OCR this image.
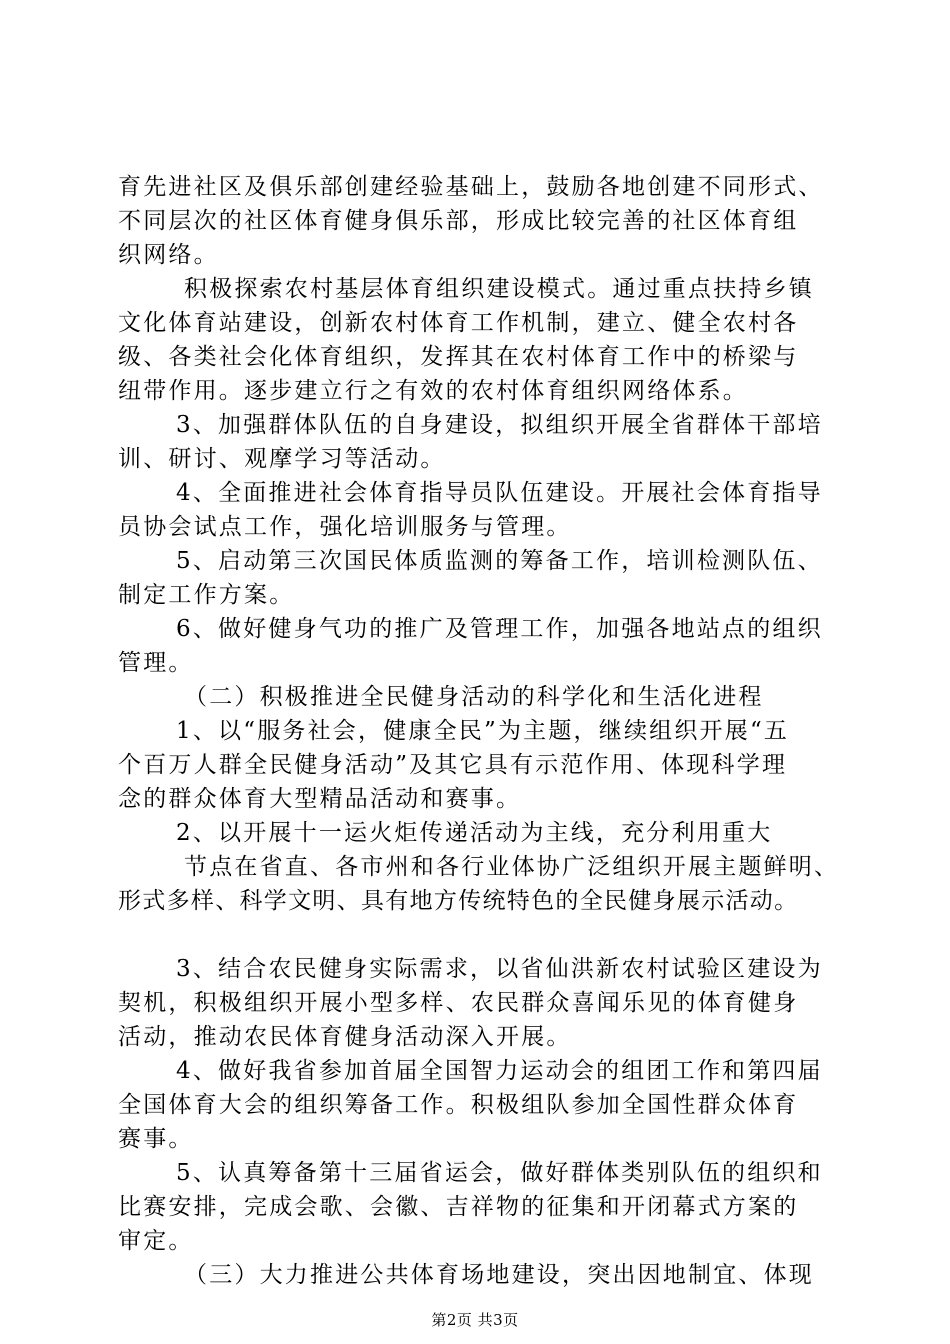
育先进社区及俱乐部创建经验基础上，鼓励各地创建不同形式、
不同层次的社区体育健身俱乐部，形成比较完善的社区体育组
织网络。
积极探索农村基层体育组织建设模式。通过重点扶持乡镇
文化体育站建设，创新农村体育工作机制，建立、健全农村各
级、各类社会化体育组织，发挥其在农村体育工作中的桥梁与
纽带作用。逐步建立行之有效的农村体育组织网络体系。
3、加强群体队伍的自身建设，拟组织开展全省群体干部培
训、研讨、观摩学习等活动。
4、全面推进社会体育指导员队伍建设。开展社会体育指导
员协会试点工作，强化培训服务与管理。
5、启动第三次国民体质监测的筹备工作，培训检测队伍、
制定工作方案。
6、做好健身气功的推广及管理工作，加强各地站点的组织
管理。
（二）积极推进全民健身活动的科学化和生活化进程
1、以“服务社会，健康全民”为主题，继续组织开展“五
个百万人群全民健身活动”及其它具有示范作用、体现科学理
念的群众体育大型精品活动和赛事。
2、以开展十一运火炬传递活动为主线，充分利用重大
节点在省直、各市州和各行业体协广泛组织开展主题鲜明、
形式多样、科学文明、具有地方传统特色的全民健身展示活动。
3、结合农民健身实际需求，以省仙洪新农村试验区建设为
契机，积极组织开展小型多样、农民群众喜闻乐见的体育健身
活动，推动农民体育健身活动深入开展。
4、做好我省参加首届全国智力运动会的组团工作和第四届
全国体育大会的组织筹备工作。积极组队参加全国性群众体育
赛事。
5、认真筹备第十三届省运会，做好群体类别队伍的组织和
比赛安排，完成会歌、会徽、吉祥物的征集和开闭幕式方案的
审定。
（三）大力推进公共体育场地建设，突出因地制宜、体现
第2页 共3页
